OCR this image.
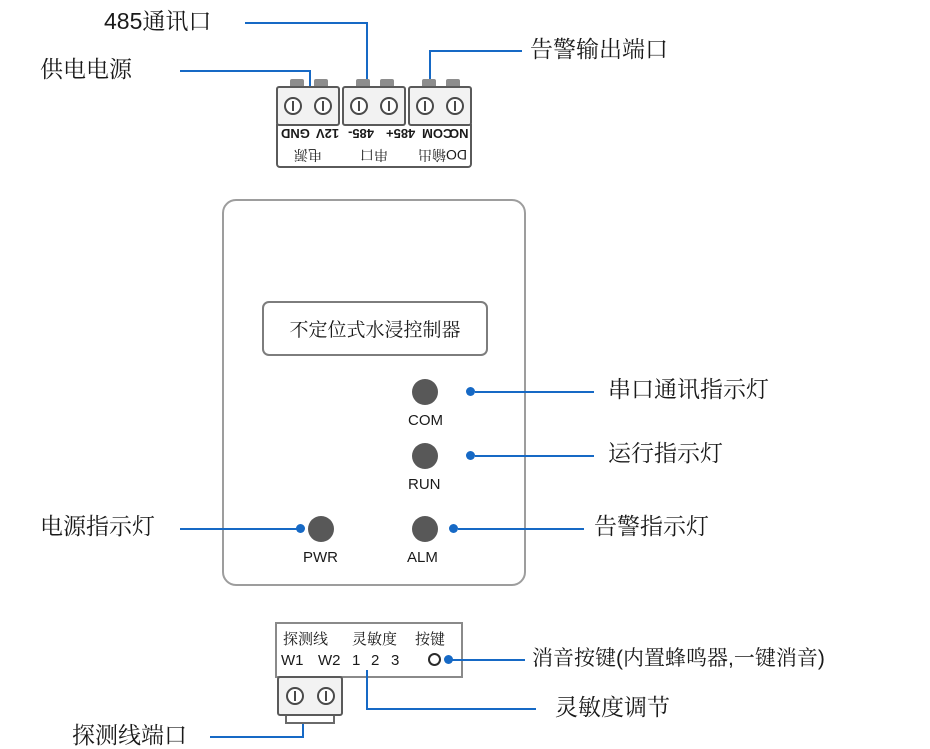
485通讯口
供电电源
告警输出端口
GND 12V 485- 485+ COM
NO
电源	串口 DO输出
不定位式水浸控制器
COM
RUN
PWR	ALM
串口通讯指示灯
运行指示灯
电源指示灯	告警指示灯
探测线 灵敏度 按键
W1 W2 1 2 3	消音按键(内置蜂鸣器,一键消音)
灵敏度调节
探测线端口
